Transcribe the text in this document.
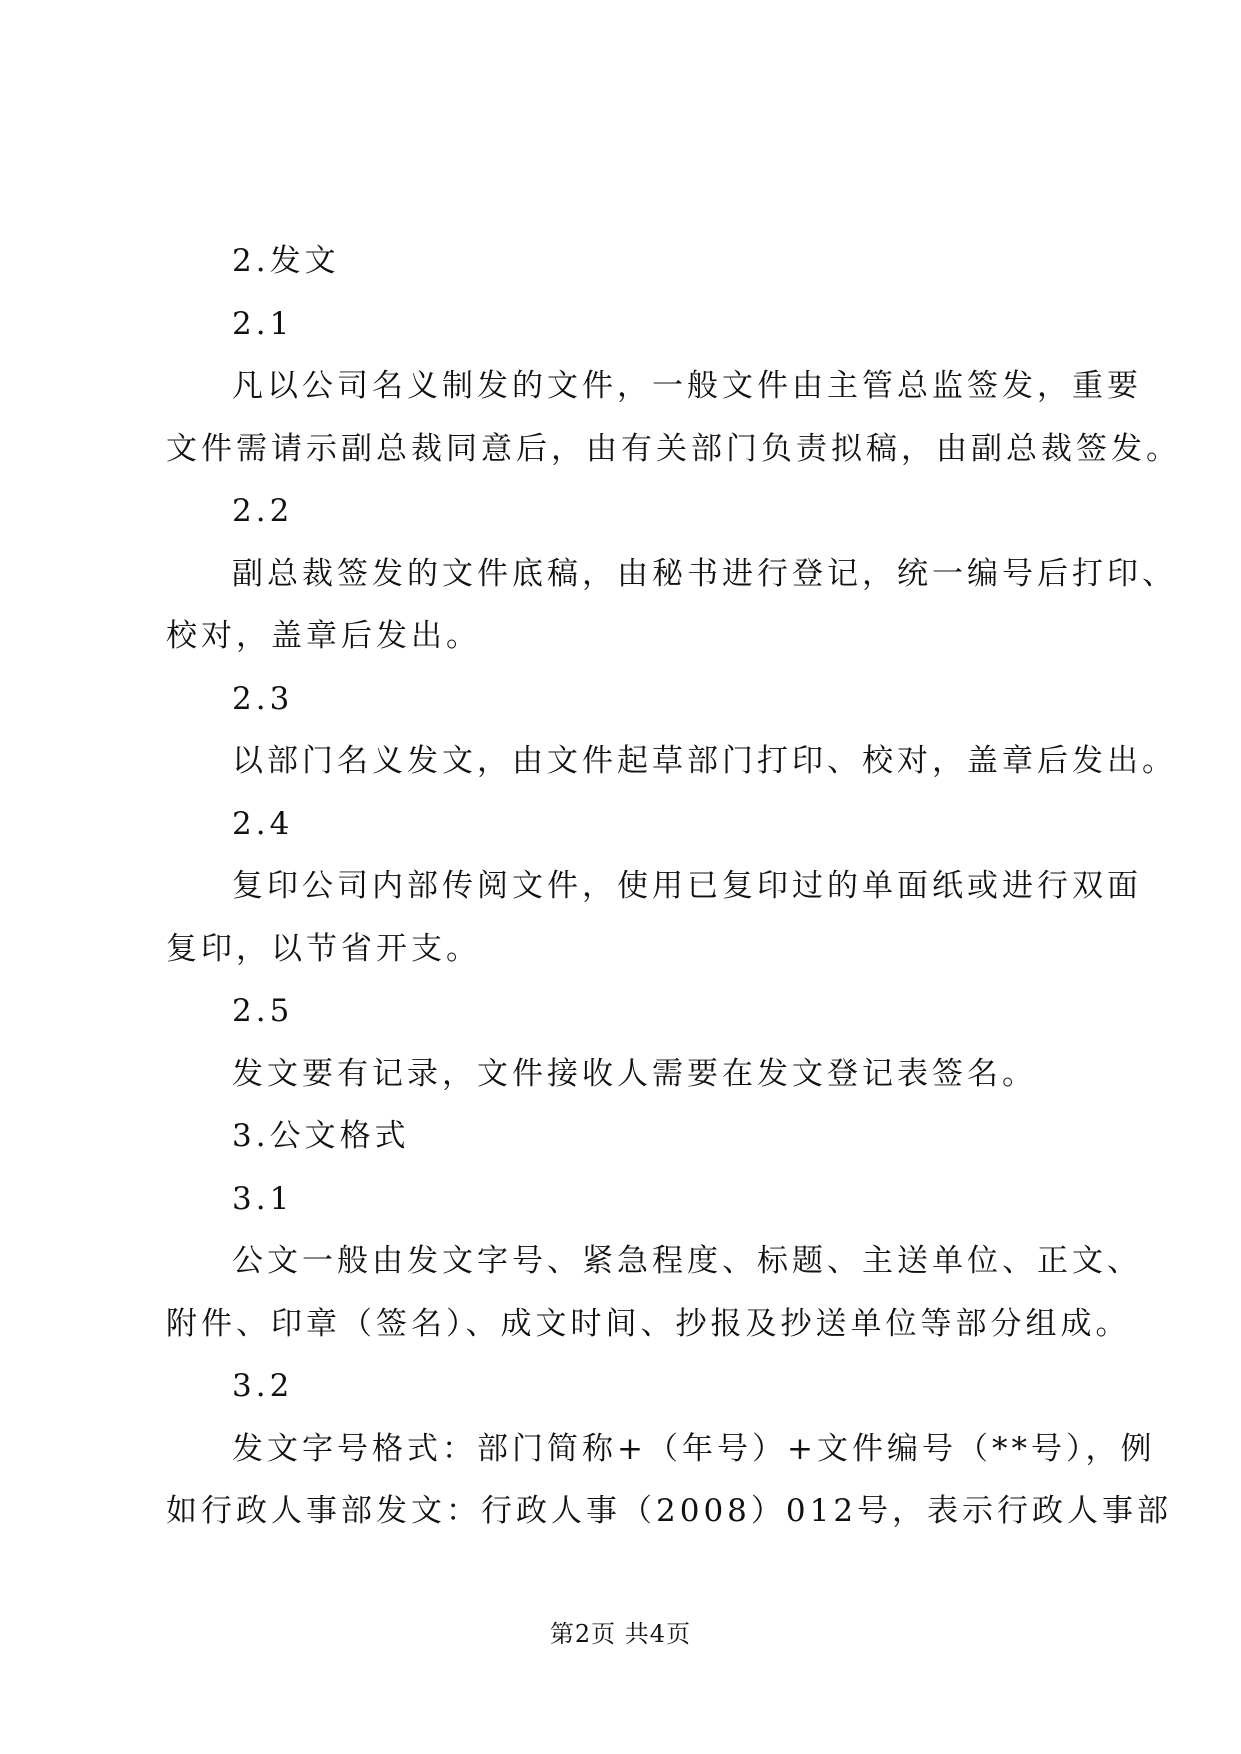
2.发文
2.1
凡以公司名义制发的文件，一般文件由主管总监签发，重要
文件需请示副总裁同意后，由有关部门负责拟稿，由副总裁签发。
2.2
副总裁签发的文件底稿，由秘书进行登记，统一编号后打印、
校对，盖章后发出。
2.3
以部门名义发文，由文件起草部门打印、校对，盖章后发出。
2.4
复印公司内部传阅文件，使用已复印过的单面纸或进行双面
复印，以节省开支。
2.5
发文要有记录，文件接收人需要在发文登记表签名。
3.公文格式
3.1
公文一般由发文字号、紧急程度、标题、主送单位、正文、
附件、印章（签名）、成文时间、抄报及抄送单位等部分组成。
3.2
发文字号格式：部门简称+（年号）+文件编号（**号），例
如行政人事部发文：行政人事（2008）012号，表示行政人事部
第2页 共4页
